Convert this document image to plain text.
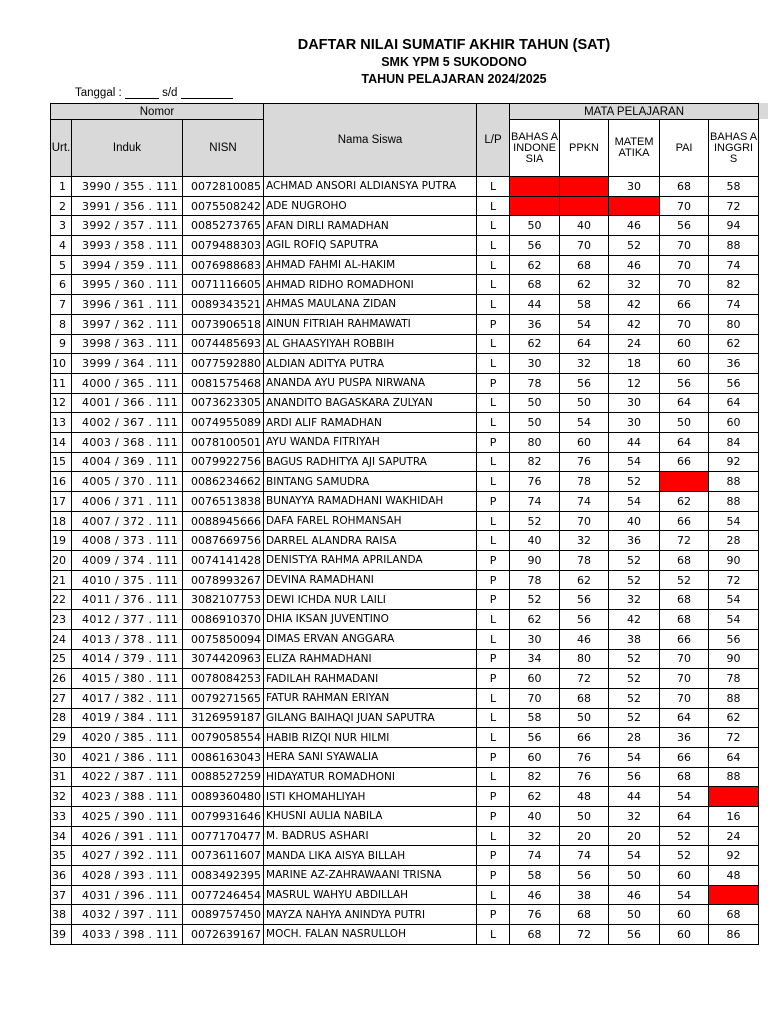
DAFTAR NILAI SUMATIF AKHIR TAHUN (SAT)
SMK YPM 5 SUKODONO
TAHUN PELAJARAN 2024/2025
Tanggal :	s/d
Nomor			Nama Siswa	L/P	MATA PELAJARAN				
Urt.	Induk	NISN			BAHAS A INDONE SIA	PPKN	MATEM ATIKA	PAI	BAHAS A INGGRI S
1	3990 / 355 . 111	0072810085	ACHMAD ANSORI ALDIANSYA PUTRA	L			30	68	58
2	3991 / 356 . 111	0075508242	ADE NUGROHO	L				70	72
3	3992 / 357 . 111	0085273765	AFAN DIRLI RAMADHAN	L	50	40	46	56	94
4	3993 / 358 . 111	0079488303	AGIL ROFIQ SAPUTRA	L	56	70	52	70	88
5	3994 / 359 . 111	0076988683	AHMAD FAHMI AL-HAKIM	L	62	68	46	70	74
6	3995 / 360 . 111	0071116605	AHMAD RIDHO ROMADHONI	L	68	62	32	70	82
7	3996 / 361 . 111	0089343521	AHMAS MAULANA ZIDAN	L	44	58	42	66	74
8	3997 / 362 . 111	0073906518	AINUN FITRIAH RAHMAWATI	P	36	54	42	70	80
9	3998 / 363 . 111	0074485693	AL GHAASYIYAH ROBBIH	L	62	64	24	60	62
10	3999 / 364 . 111	0077592880	ALDIAN ADITYA PUTRA	L	30	32	18	60	36
11	4000 / 365 . 111	0081575468	ANANDA AYU PUSPA NIRWANA	P	78	56	12	56	56
12	4001 / 366 . 111	0073623305	ANANDITO BAGASKARA ZULYAN	L	50	50	30	64	64
13	4002 / 367 . 111	0074955089	ARDI ALIF RAMADHAN	L	50	54	30	50	60
14	4003 / 368 . 111	0078100501	AYU WANDA FITRIYAH	P	80	60	44	64	84
15	4004 / 369 . 111	0079922756	BAGUS RADHITYA AJI SAPUTRA	L	82	76	54	66	92
16	4005 / 370 . 111	0086234662	BINTANG SAMUDRA	L	76	78	52		88
17	4006 / 371 . 111	0076513838	BUNAYYA RAMADHANI WAKHIDAH	P	74	74	54	62	88
18	4007 / 372 . 111	0088945666	DAFA FAREL ROHMANSAH	L	52	70	40	66	54
19	4008 / 373 . 111	0087669756	DARREL ALANDRA RAISA	L	40	32	36	72	28
20	4009 / 374 . 111	0074141428	DENISTYA RAHMA APRILANDA	P	90	78	52	68	90
21	4010 / 375 . 111	0078993267	DEVINA RAMADHANI	P	78	62	52	52	72
22	4011 / 376 . 111	3082107753	DEWI ICHDA NUR LAILI	P	52	56	32	68	54
23	4012 / 377 . 111	0086910370	DHIA IKSAN JUVENTINO	L	62	56	42	68	54
24	4013 / 378 . 111	0075850094	DIMAS ERVAN ANGGARA	L	30	46	38	66	56
25	4014 / 379 . 111	3074420963	ELIZA RAHMADHANI	P	34	80	52	70	90
26	4015 / 380 . 111	0078084253	FADILAH RAHMADANI	P	60	72	52	70	78
27	4017 / 382 . 111	0079271565	FATUR RAHMAN ERIYAN	L	70	68	52	70	88
28	4019 / 384 . 111	3126959187	GILANG BAIHAQI JUAN SAPUTRA	L	58	50	52	64	62
29	4020 / 385 . 111	0079058554	HABIB RIZQI NUR HILMI	L	56	66	28	36	72
30	4021 / 386 . 111	0086163043	HERA SANI SYAWALIA	P	60	76	54	66	64
31	4022 / 387 . 111	0088527259	HIDAYATUR ROMADHONI	L	82	76	56	68	88
32	4023 / 388 . 111	0089360480	ISTI KHOMAHLIYAH	P	62	48	44	54	
33	4025 / 390 . 111	0079931646	KHUSNI AULIA NABILA	P	40	50	32	64	16
34	4026 / 391 . 111	0077170477	M. BADRUS ASHARI	L	32	20	20	52	24
35	4027 / 392 . 111	0073611607	MANDA LIKA AISYA BILLAH	P	74	74	54	52	92
36	4028 / 393 . 111	0083492395	MARINE AZ-ZAHRAWAANI TRISNA	P	58	56	50	60	48
37	4031 / 396 . 111	0077246454	MASRUL WAHYU ABDILLAH	L	46	38	46	54	
38	4032 / 397 . 111	0089757450	MAYZA NAHYA ANINDYA PUTRI	P	76	68	50	60	68
39	4033 / 398 . 111	0072639167	MOCH. FALAN NASRULLOH	L	68	72	56	60	86
